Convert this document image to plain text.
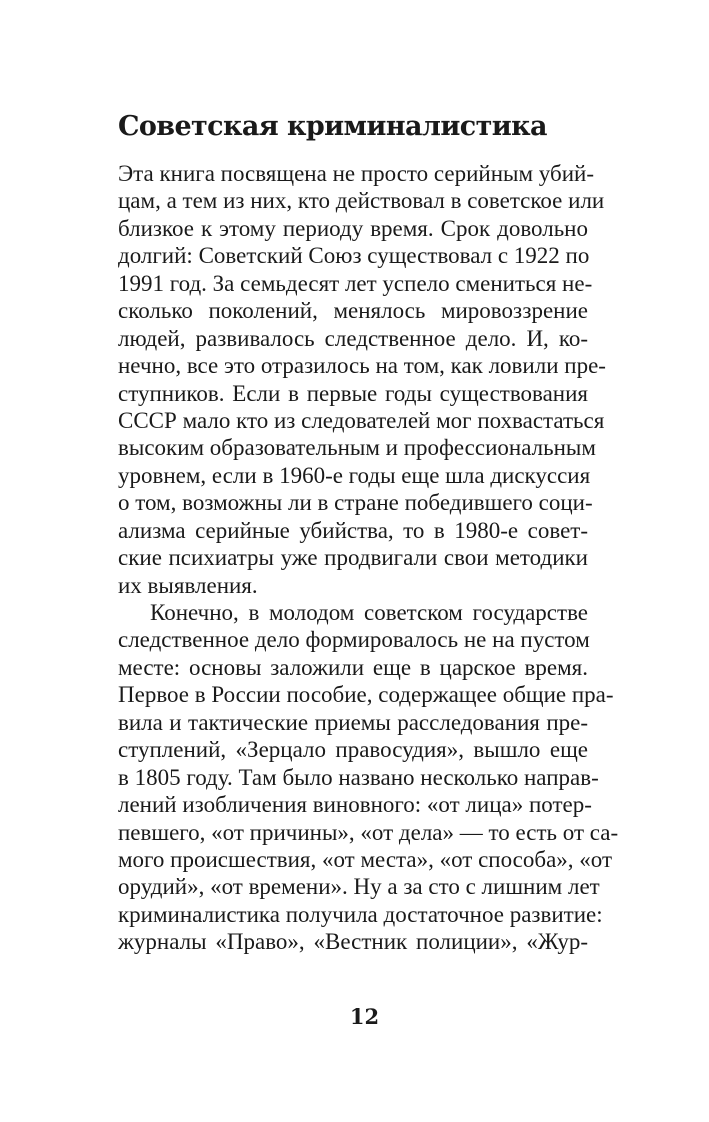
Советская криминалистика
Эта книга посвящена не просто серийным убий-
цам, а тем из них, кто действовал в советское или
близкое к этому периоду время. Срок довольно
долгий: Советский Союз существовал с 1922 по
1991 год. За семьдесят лет успело смениться не-
сколько поколений, менялось мировоззрение
людей, развивалось следственное дело. И, ко-
нечно, все это отразилось на том, как ловили пре-
ступников. Если в первые годы существования
СССР мало кто из следователей мог похвастаться
высоким образовательным и профессиональным
уровнем, если в 1960-е годы еще шла дискуссия
о том, возможны ли в стране победившего соци-
ализма серийные убийства, то в 1980-е совет-
ские психиатры уже продвигали свои методики
их выявления.
Конечно, в молодом советском государстве
следственное дело формировалось не на пустом
месте: основы заложили еще в царское время.
Первое в России пособие, содержащее общие пра-
вила и тактические приемы расследования пре-
ступлений, «Зерцало правосудия», вышло еще
в 1805 году. Там было названо несколько направ-
лений изобличения виновного: «от лица» потер-
певшего, «от причины», «от дела» — то есть от са-
мого происшествия, «от места», «от способа», «от
орудий», «от времени». Ну а за сто с лишним лет
криминалистика получила достаточное развитие:
журналы «Право», «Вестник полиции», «Жур-
12
